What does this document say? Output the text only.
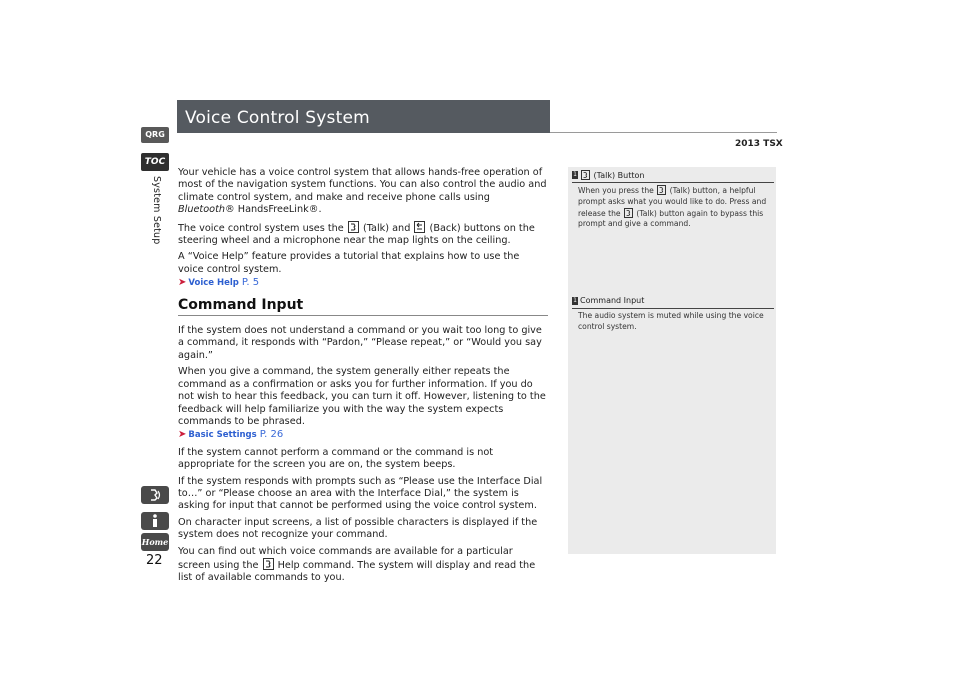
QRG
TOC
System Setup
Home
22
Voice Control System
2013 TSX

Your vehicle has a voice control system that allows hands-free operation of most of the navigation system functions. You can also control the audio and climate control system, and make and receive phone calls using Bluetooth® HandsFreeLink®.

The voice control system uses the (Talk) and (Back) buttons on the steering wheel and a microphone near the map lights on the ceiling.

A “Voice Help” feature provides a tutorial that explains how to use the voice control system.

➤ Voice Help P. 5
Command Input

If the system does not understand a command or you wait too long to give a command, it responds with “Pardon,” “Please repeat,” or “Would you say again.”

When you give a command, the system generally either repeats the command as a confirmation or asks you for further information. If you do not wish to hear this feedback, you can turn it off. However, listening to the feedback will help familiarize you with the way the system expects commands to be phrased.

➤ Basic Settings P. 26

If the system cannot perform a command or the command is not appropriate for the screen you are on, the system beeps.

If the system responds with prompts such as “Please use the Interface Dial to…” or “Please choose an area with the Interface Dial,” the system is asking for input that cannot be performed using the voice control system.

On character input screens, a list of possible characters is displayed if the system does not recognize your command.

You can find out which voice commands are available for a particular screen using the Help command. The system will display and read the list of available commands to you.

1
(Talk) Button
When you press the (Talk) button, a helpful prompt asks what you would like to do. Press and release the (Talk) button again to bypass this prompt and give a command.
1 Command Input
The audio system is muted while using the voice control system.
